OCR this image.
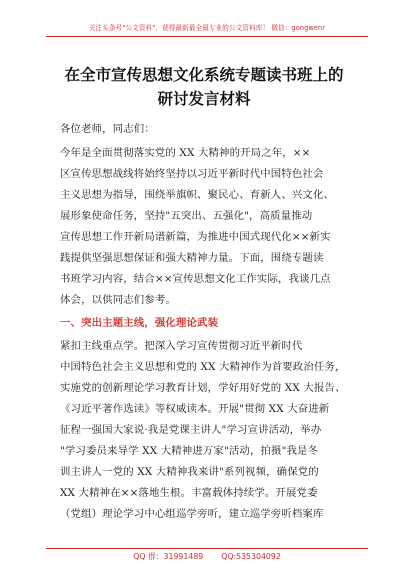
关注头条号"公文资料"，获得最新最全最专业的公文资料库！ 微信：gongwenr
在全市宣传思想文化系统专题读书班上的
研讨发言材料
各位老师，同志们：
今年是全面贯彻落实党的 XX 大精神的开局之年，××
区宣传思想战线将始终坚持以习近平新时代中国特色社会
主义思想为指导，围绕举旗帜、聚民心、育新人、兴文化、
展形象使命任务，坚持"五突出、五强化"，高质量推动
宣传思想工作开新局谱新篇，为推进中国式现代化××新实
践提供坚强思想保证和强大精神力量。下面，围绕专题读
书班学习内容，结合××宣传思想文化工作实际，我谈几点
体会，以供同志们参考。
一、突出主题主线，强化理论武装
紧扣主线重点学。把深入学习宣传贯彻习近平新时代
中国特色社会主义思想和党的 XX 大精神作为首要政治任务，
实施党的创新理论学习教育计划，学好用好党的 XX 大报告、
《习近平著作选读》等权威读本。开展"贯彻 XX 大奋进新
征程一强国大家说·我是党课主讲人"学习宣讲活动，举办
"学习委员来导学 XX 大精神进万家"活动，拍摄"我是冬
训主讲人一党的 XX 大精神我来讲"系列视频，确保党的
XX 大精神在××落地生根。丰富载体持续学。开展党委
（党组）理论学习中心组巡学旁听，建立巡学旁听档案库
QQ 群：31991489 QQ:535304092
